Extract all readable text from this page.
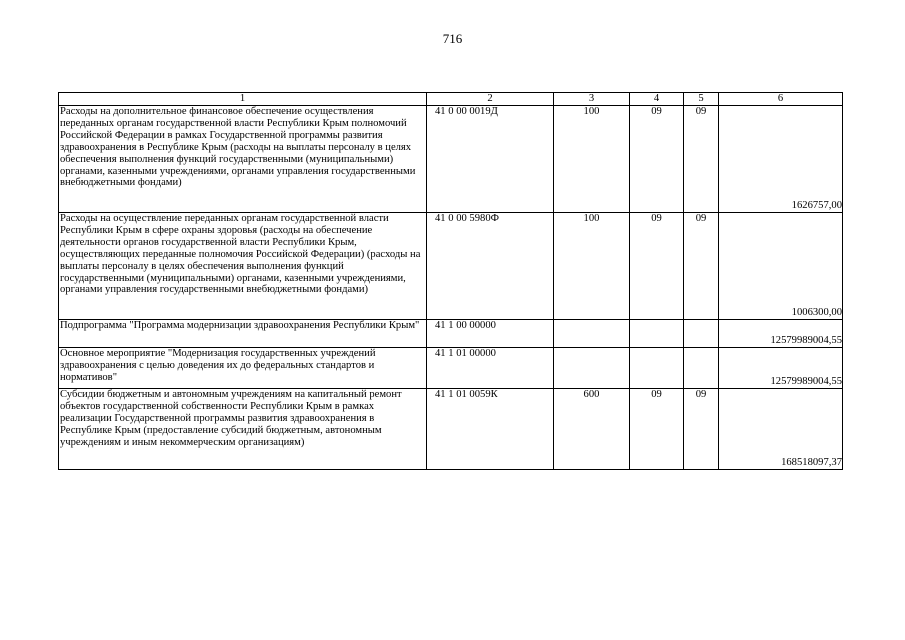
716
1	2	3	4	5	6
Расходы на дополнительное финансовое обеспечение осуществления переданных органам государственной власти Республики Крым полномочий Российской Федерации в рамках Государственной программы развития здравоохранения в Республике Крым (расходы на выплаты персоналу в целях обеспечения выполнения функций государственными (муниципальными) органами, казенными учреждениями, органами управления государственными внебюджетными фондами)	41 0 00 0019Д	100	09	09	1626757,00
Расходы на осуществление переданных органам государственной власти Республики Крым в сфере охраны здоровья (расходы на обеспечение деятельности органов государственной власти Республики Крым, осуществляющих переданные полномочия Российской Федерации) (расходы на выплаты персоналу в целях обеспечения выполнения функций государственными (муниципальными) органами, казенными учреждениями, органами управления государственными внебюджетными фондами)	41 0 00 5980Ф	100	09	09	1006300,00
Подпрограмма "Программа модернизации здравоохранения Республики Крым"	41 1 00 00000				12579989004,55
Основное мероприятие "Модернизация государственных учреждений здравоохранения с целью доведения их до федеральных стандартов и нормативов"	41 1 01 00000				12579989004,55
Субсидии бюджетным и автономным учреждениям на капитальный ремонт объектов государственной собственности Республики Крым в рамках реализации Государственной программы развития здравоохранения в Республике Крым (предоставление субсидий бюджетным, автономным учреждениям и иным некоммерческим организациям)	41 1 01 0059К	600	09	09	168518097,37
